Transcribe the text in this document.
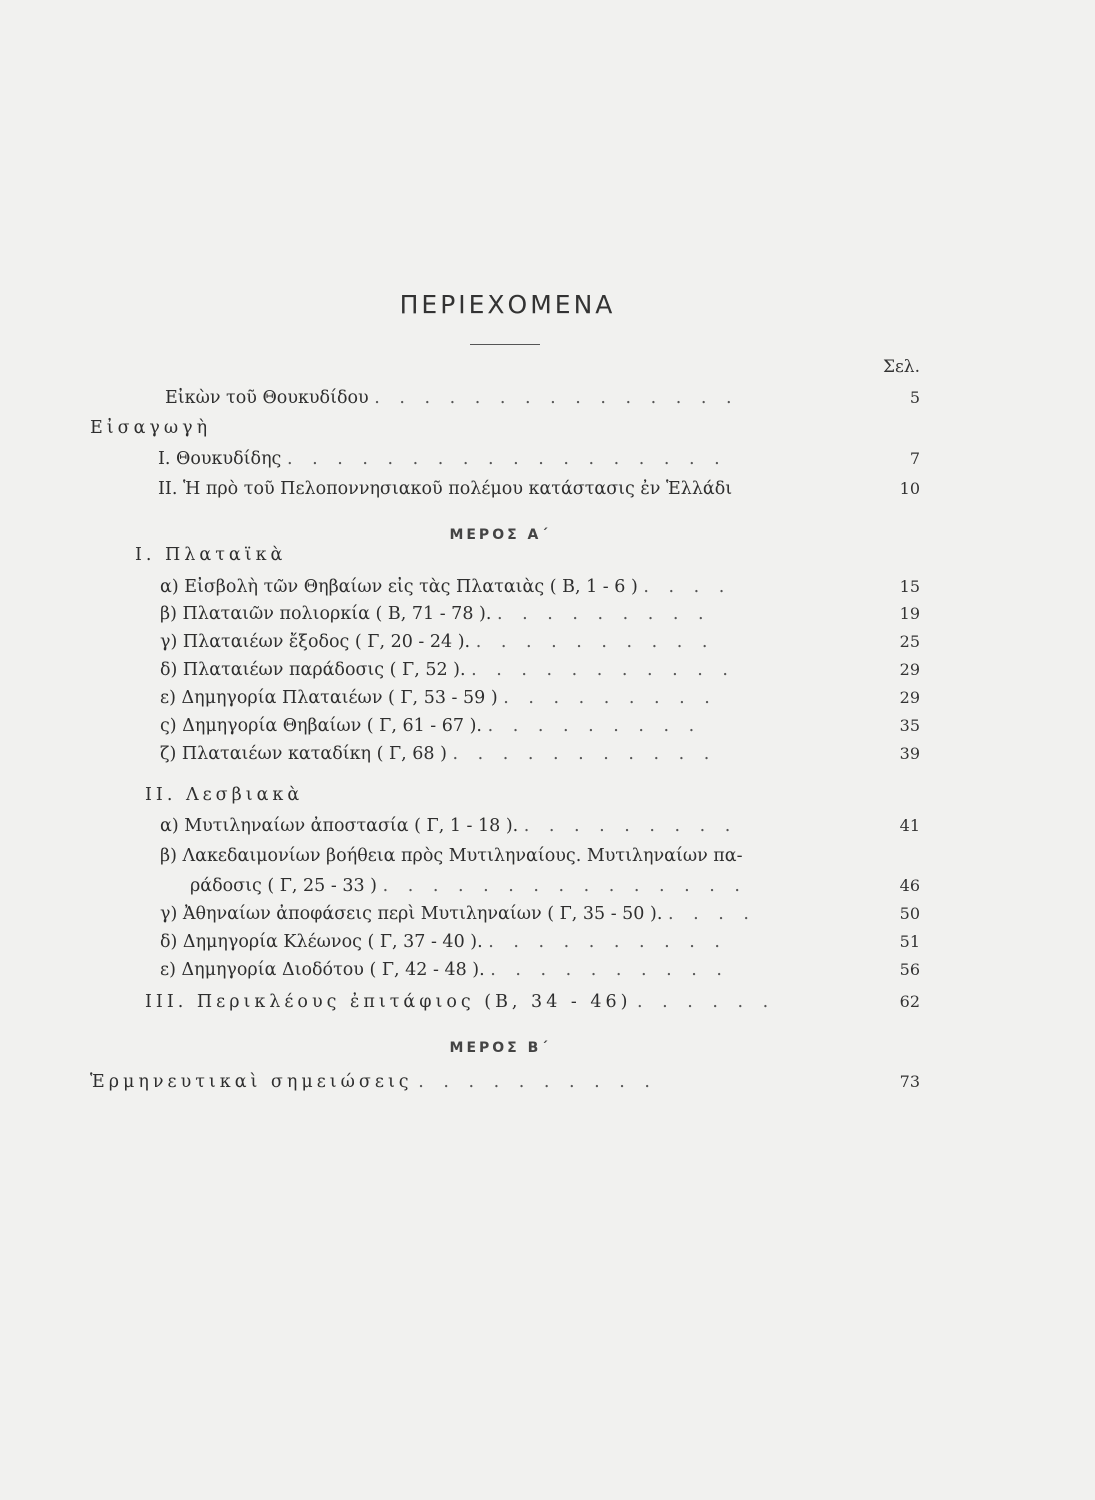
ΠΕΡΙΕΧΟΜΕΝΑ
Σελ.
Εἰκὼν τοῦ Θουκυδίδου . . . . . . . . . . . . . . .	5
Εἰσαγωγὴ
Ι. Θουκυδίδης . . . . . . . . . . . . . . . . . .	7
ΙΙ. Ἡ πρὸ τοῦ Πελοποννησιακοῦ πολέμου κατάστασις ἐν Ἑλλάδι	10
ΜΕΡΟΣ Α΄
Ι. Πλαταϊκὰ
α) Εἰσβολὴ τῶν Θηβαίων εἰς τὰς Πλαταιὰς ( Β, 1 - 6 ) . . . .	15
β) Πλαταιῶν πολιορκία ( Β, 71 - 78 ). . . . . . . . . .	19
γ) Πλαταιέων ἔξοδος ( Γ, 20 - 24 ). . . . . . . . . . .	25
δ) Πλαταιέων παράδοσις ( Γ, 52 ). . . . . . . . . . . .	29
ε) Δημηγορία Πλαταιέων ( Γ, 53 - 59 ) . . . . . . . . .	29
ς) Δημηγορία Θηβαίων ( Γ, 61 - 67 ). . . . . . . . . .	35
ζ) Πλαταιέων καταδίκη ( Γ, 68 ) . . . . . . . . . . .	39
ΙΙ. Λεσβιακὰ
α) Μυτιληναίων ἀποστασία ( Γ, 1 - 18 ). . . . . . . . . .	41
β) Λακεδαιμονίων βοήθεια πρὸς Μυτιληναίους. Μυτιληναίων πα-
ράδοσις ( Γ, 25 - 33 ) . . . . . . . . . . . . . . .	46
γ) Ἀθηναίων ἀποφάσεις περὶ Μυτιληναίων ( Γ, 35 - 50 ). . . . .	50
δ) Δημηγορία Κλέωνος ( Γ, 37 - 40 ). . . . . . . . . . .	51
ε) Δημηγορία Διοδότου ( Γ, 42 - 48 ). . . . . . . . . . .	56
ΙΙΙ. Περικλέους ἐπιτάφιος (Β, 34 - 46) . . . . . .	62
ΜΕΡΟΣ Β΄
Ἑρμηνευτικαὶ σημειώσεις . . . . . . . . . .	73
